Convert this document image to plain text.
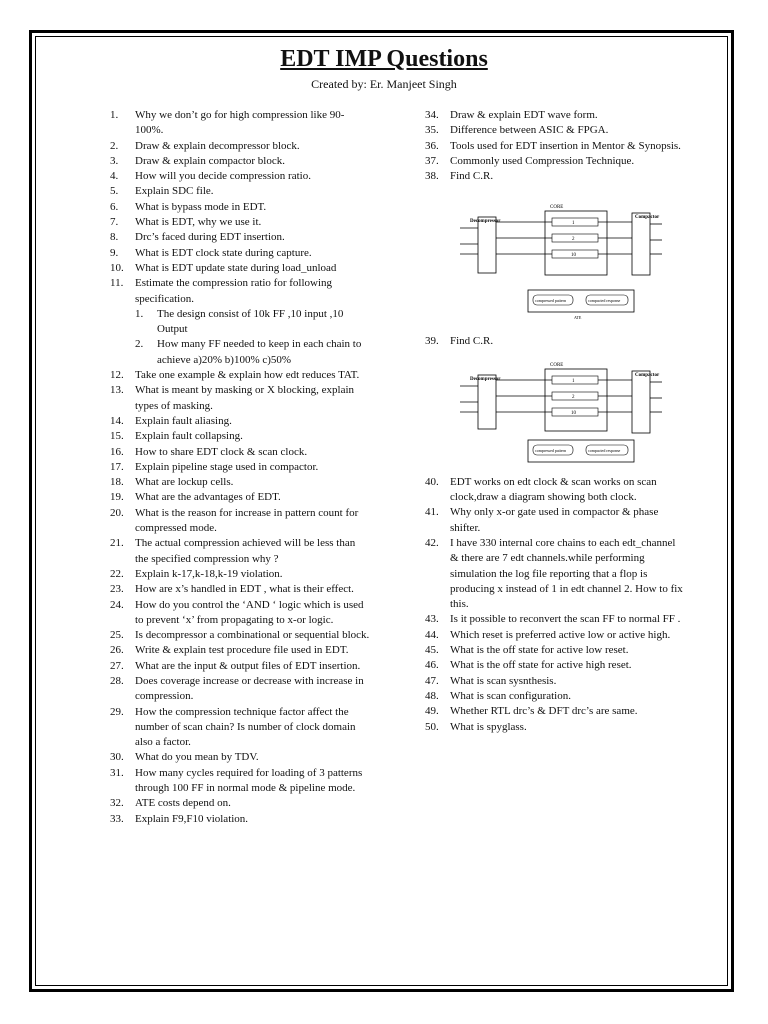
EDT IMP Questions
Created by: Er. Manjeet Singh
1.	Why we don’t go for high compression like 90-100%.
2.	Draw & explain decompressor block.
3.	Draw & explain compactor block.
4.	How will you decide compression ratio.
5.	Explain SDC file.
6.	What is bypass mode in EDT.
7.	What is EDT, why we use it.
8.	Drc’s faced during EDT insertion.
9.	What is EDT clock state during capture.
10.	What is EDT update state during load_unload
11.	Estimate the compression ratio for following specification.
1.	The design consist of 10k FF ,10 input ,10 Output
2.	How many FF needed to keep in each chain to achieve a)20% b)100% c)50%
12.	Take one example & explain how edt reduces TAT.
13.	What is meant by masking or X blocking, explain types of masking.
14.	Explain fault aliasing.
15.	Explain fault collapsing.
16.	How to share EDT clock & scan clock.
17.	Explain pipeline stage used in compactor.
18.	What are lockup cells.
19.	What are the advantages of EDT.
20.	What is the reason for increase in pattern count for compressed mode.
21.	The actual compression achieved will be less than the specified compression why ?
22.	Explain k-17,k-18,k-19 violation.
23.	How are x’s handled in EDT , what is their effect.
24.	How do you control the ‘AND ‘ logic which is used to prevent ‘x’ from propagating to x-or logic.
25.	Is decompressor a combinational or sequential block.
26.	Write & explain test procedure file used in EDT.
27.	What are the input & output files of EDT insertion.
28.	Does coverage increase or decrease with increase in compression.
29.	How the compression technique factor affect the number of scan chain? Is number of clock domain also a factor.
30.	What do you mean by TDV.
31.	How many cycles required for loading of 3 patterns through 100 FF in normal mode & pipeline mode.
32.	ATE costs depend on.
33.	Explain F9,F10 violation.
34.	Draw & explain EDT wave form.
35.	Difference between ASIC & FPGA.
36.	Tools used for EDT insertion in Mentor & Synopsis.
37.	Commonly used Compression Technique.
38.	Find C.R.
CORE
Decompressor
Compactor
1
2
10
compressed pattern	compacted response
ATE
39.	Find C.R.
CORE
Decompressor
Compactor
1
2
10
compressed pattern	compacted response
40.	EDT works on edt clock & scan works on scan clock,draw a diagram showing both clock.
41.	Why only x-or gate used in compactor & phase shifter.
42.	I have 330 internal core chains to each edt_channel & there are 7 edt channels.while performing simulation the log file reporting that a flop is producing x instead of 1 in edt channel 2. How to fix this.
43.	Is it possible to reconvert the scan FF to normal FF .
44.	Which reset is preferred active low or active high.
45.	What is the off state for active low reset.
46.	What is the off state for active high reset.
47.	What is scan sysnthesis.
48.	What is scan configuration.
49.	Whether RTL drc’s & DFT drc’s are same.
50.	What is spyglass.
